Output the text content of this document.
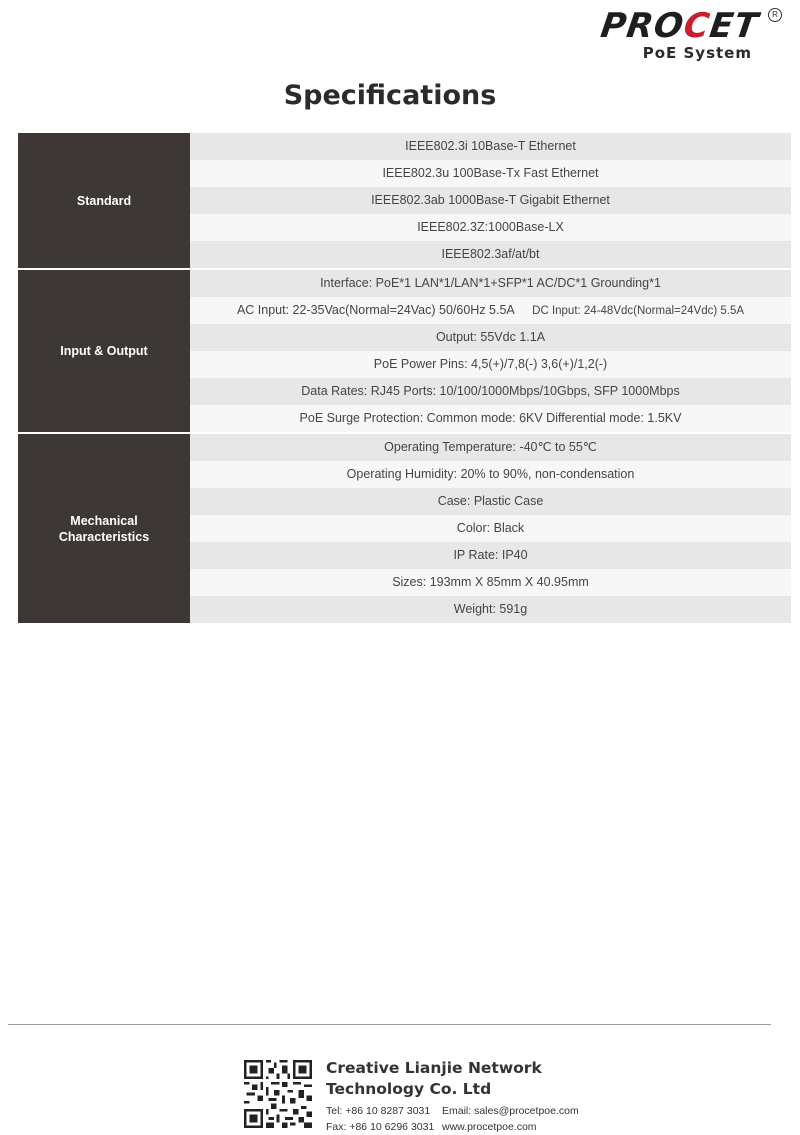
PROCET	R
PoE System
Specifications
Standard
IEEE802.3i 10Base-T Ethernet
IEEE802.3u 100Base-Tx Fast Ethernet
IEEE802.3ab 1000Base-T Gigabit Ethernet
IEEE802.3Z:1000Base-LX
IEEE802.3af/at/bt
Input & Output
Interface: PoE*1 LAN*1/LAN*1+SFP*1 AC/DC*1 Grounding*1
AC Input: 22-35Vac(Normal=24Vac) 50/60Hz 5.5A DC Input: 24-48Vdc(Normal=24Vdc) 5.5A
Output: 55Vdc 1.1A
PoE Power Pins: 4,5(+)/7,8(-) 3,6(+)/1,2(-)
Data Rates: RJ45 Ports: 10/100/1000Mbps/10Gbps, SFP 1000Mbps
PoE Surge Protection: Common mode: 6KV Differential mode: 1.5KV
Mechanical
Characteristics
Operating Temperature: -40℃ to 55℃
Operating Humidity: 20% to 90%, non-condensation
Case: Plastic Case
Color: Black
IP Rate: IP40
Sizes: 193mm X 85mm X 40.95mm
Weight: 591g
Creative Lianjie Network
Technology Co. Ltd
Tel: +86 10 8287 3031 Email: sales@procetpoe.com
Fax: +86 10 6296 3031 www.procetpoe.com
